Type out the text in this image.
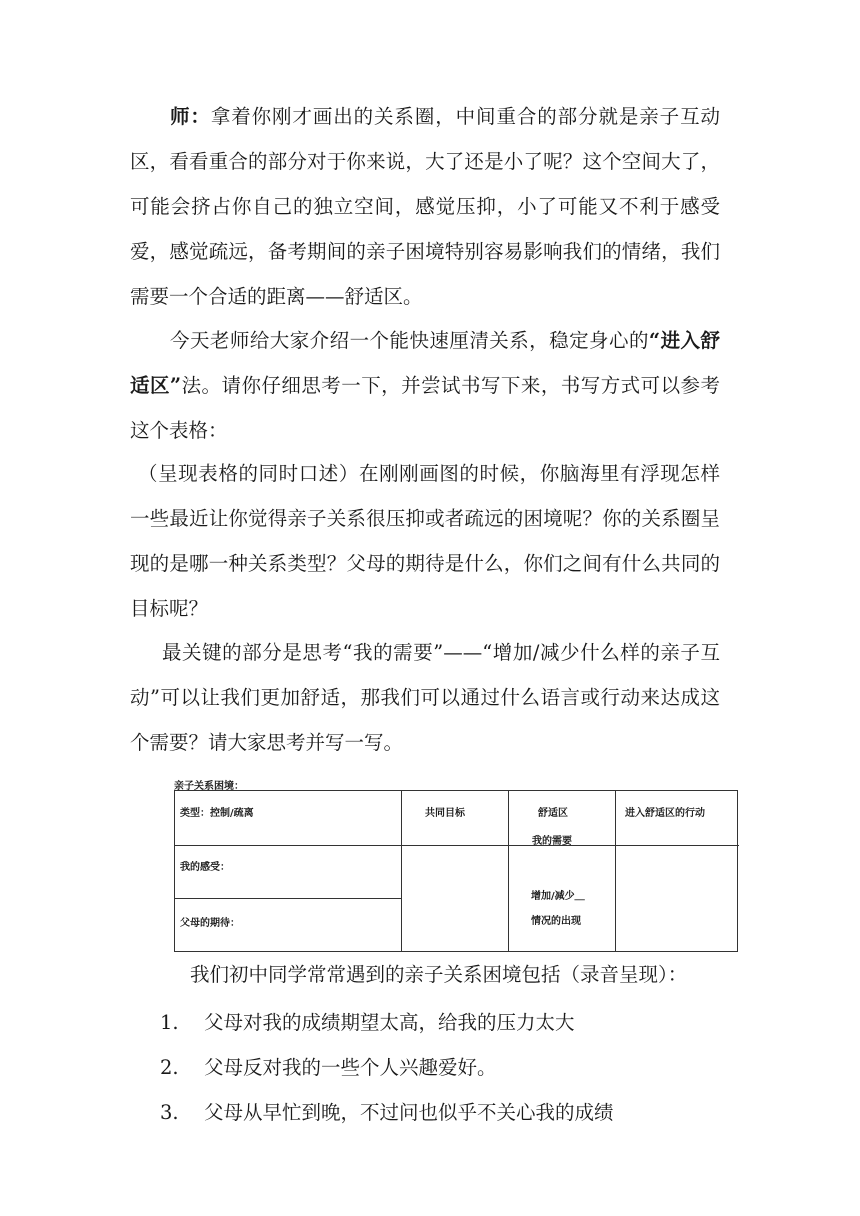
师：拿着你刚才画出的关系圈，中间重合的部分就是亲子互动区，看看重合的部分对于你来说，大了还是小了呢？这个空间大了，可能会挤占你自己的独立空间，感觉压抑，小了可能又不利于感受爱，感觉疏远，备考期间的亲子困境特别容易影响我们的情绪，我们需要一个合适的距离——舒适区。

今天老师给大家介绍一个能快速厘清关系，稳定身心的“进入舒适区”法。请你仔细思考一下，并尝试书写下来，书写方式可以参考这个表格：

（呈现表格的同时口述）在刚刚画图的时候，你脑海里有浮现怎样一些最近让你觉得亲子关系很压抑或者疏远的困境呢？你的关系圈呈现的是哪一种关系类型？父母的期待是什么，你们之间有什么共同的目标呢？

最关键的部分是思考“我的需要”——“增加/减少什么样的亲子互动”可以让我们更加舒适，那我们可以通过什么语言或行动来达成这个需要？请大家思考并写一写。

亲子关系困境：
类型：控制/疏离	共同目标	舒适区
我的需要
进入舒适区的行动
我的感受：
父母的期待：
增加/减少＿
情况的出现

我们初中同学常常遇到的亲子关系困境包括（录音呈现）：

1. 父母对我的成绩期望太高，给我的压力太大
2. 父母反对我的一些个人兴趣爱好。
3. 父母从早忙到晚，不过问也似乎不关心我的成绩
